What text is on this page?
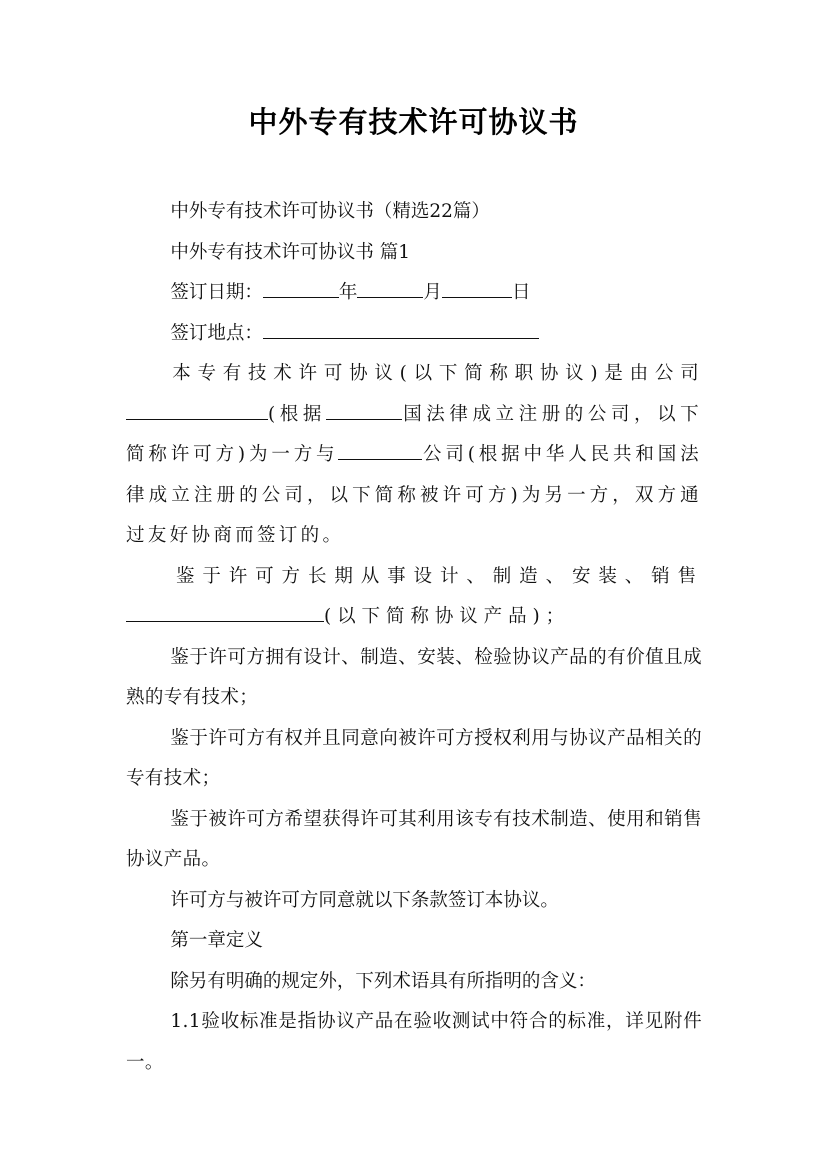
中外专有技术许可协议书

中外专有技术许可协议书（精选22篇）

中外专有技术许可协议书 篇1

签订日期：	年	月	日

签订地点：

本专有技术许可协议(以下简称职协议)是由公司(根据	国法律成立注册的公司，以下简称许可方)为一方与	公司(根据中华人民共和国法律成立注册的公司，以下简称被许可方)为另一方，双方通过友好协商而签订的。

鉴于许可方长期从事设计、制造、安装、销售(以下简称协议产品)；

鉴于许可方拥有设计、制造、安装、检验协议产品的有价值且成熟的专有技术；

鉴于许可方有权并且同意向被许可方授权利用与协议产品相关的专有技术；

鉴于被许可方希望获得许可其利用该专有技术制造、使用和销售协议产品。

许可方与被许可方同意就以下条款签订本协议。

第一章定义

除另有明确的规定外，下列术语具有所指明的含义：

1.1验收标准是指协议产品在验收测试中符合的标准，详见附件一。
